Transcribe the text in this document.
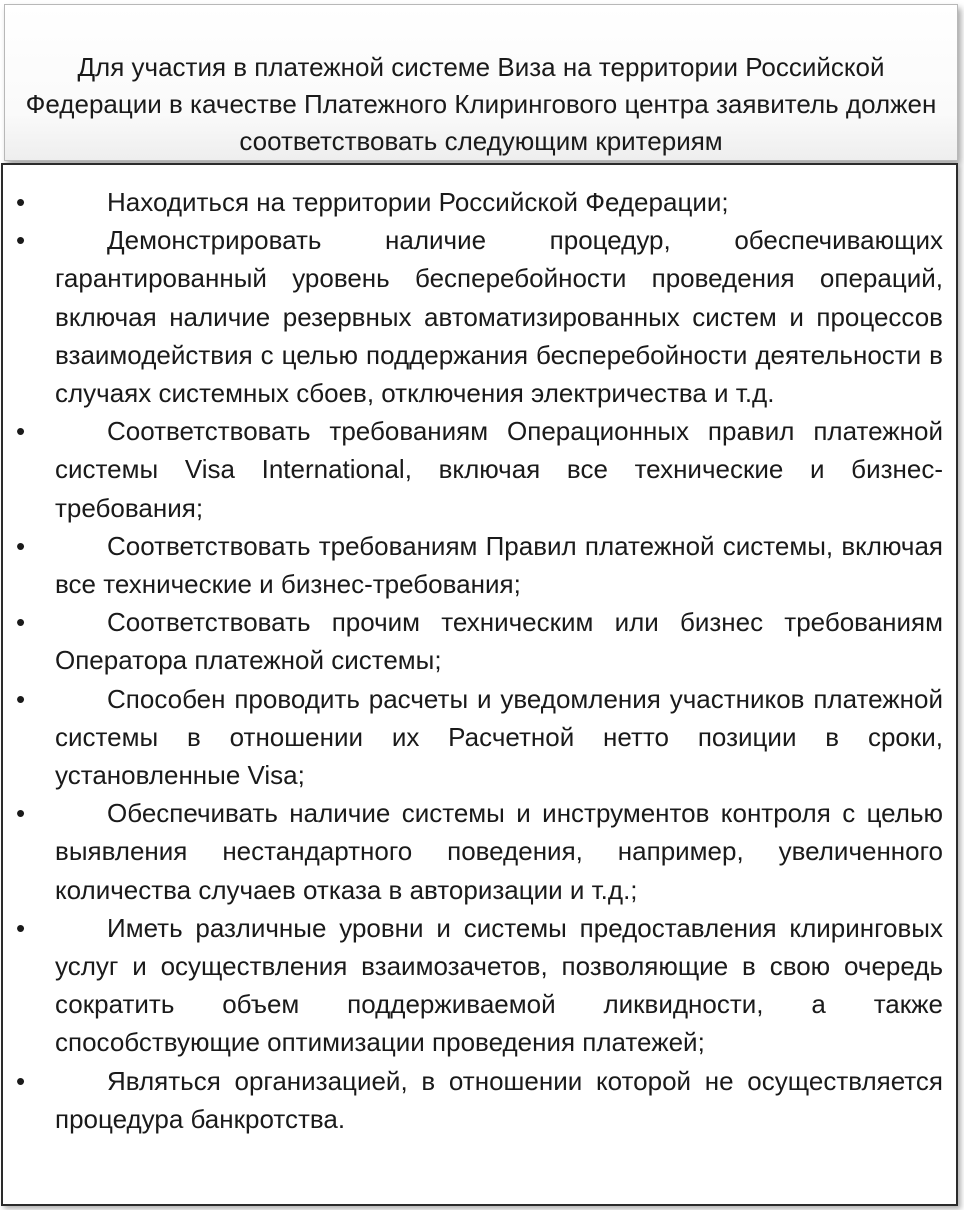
Для участия в платежной системе Виза на территории Российской Федерации в качестве Платежного Клирингового центра заявитель должен соответствовать следующим критериям
•	Находиться на территории Российской Федерации;
•	Демонстрировать наличие процедур, обеспечивающих гарантированный уровень бесперебойности проведения операций, включая наличие резервных автоматизированных систем и процессов взаимодействия с целью поддержания бесперебойности деятельности в случаях системных сбоев, отключения электричества и т.д.
•	Соответствовать требованиям Операционных правил платежной системы Visa International, включая все технические и бизнес-требования;
•	Соответствовать требованиям Правил платежной системы, включая все технические и бизнес-требования;
•	Соответствовать прочим техническим или бизнес требованиям Оператора платежной системы;
•	Способен проводить расчеты и уведомления участников платежной системы в отношении их Расчетной нетто позиции в сроки, установленные Visa;
•	Обеспечивать наличие системы и инструментов контроля с целью выявления нестандартного поведения, например, увеличенного количества случаев отказа в авторизации и т.д.;
•	Иметь различные уровни и системы предоставления клиринговых услуг и осуществления взаимозачетов, позволяющие в свою очередь сократить объем поддерживаемой ликвидности, а также способствующие оптимизации проведения платежей;
•	Являться организацией, в отношении которой не осуществляется процедура банкротства.
